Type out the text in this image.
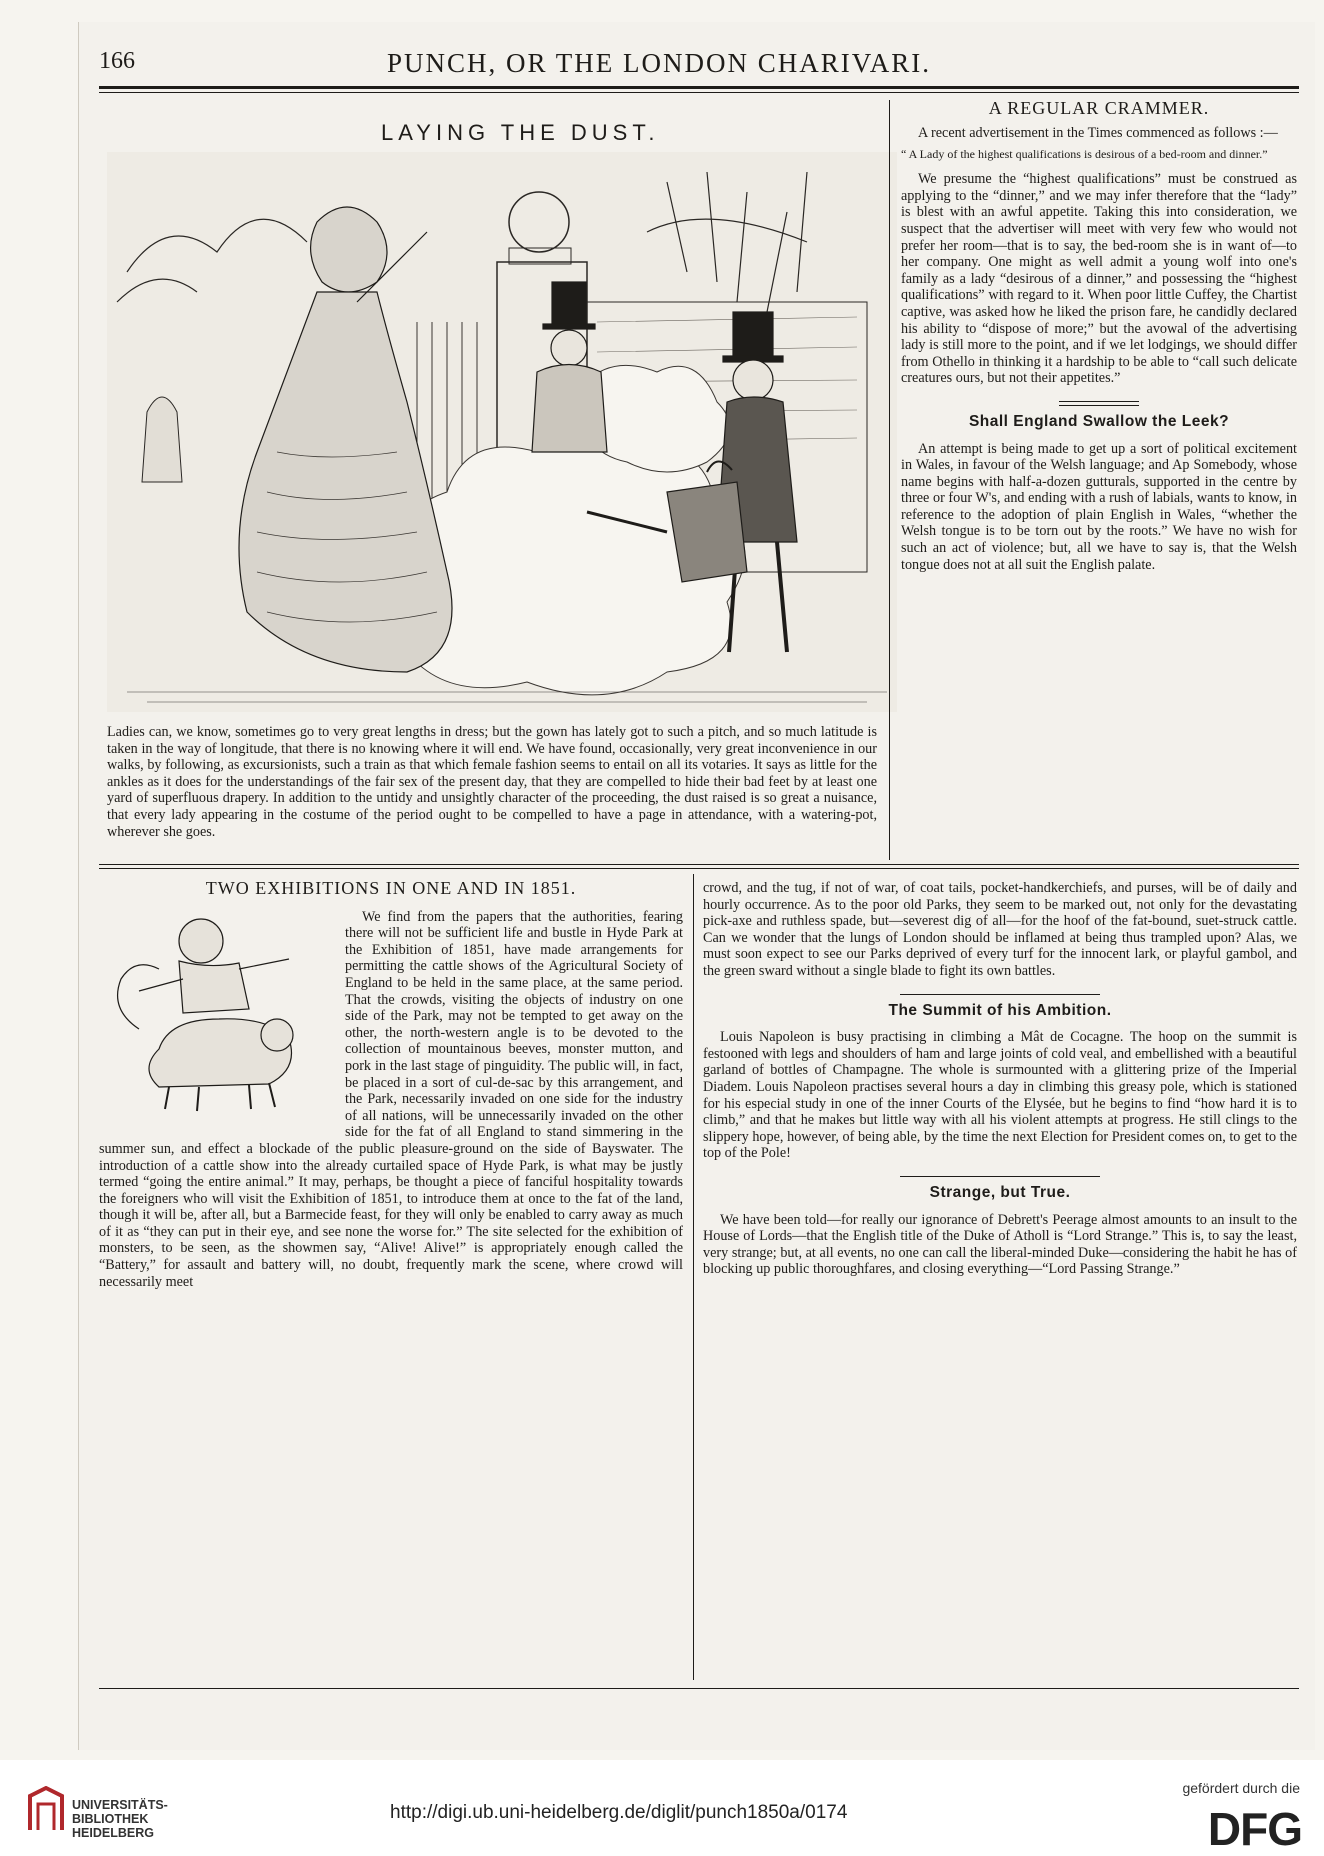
166	PUNCH, OR THE LONDON CHARIVARI.
LAYING THE DUST.

Ladies can, we know, sometimes go to very great lengths in dress; but the gown has lately got to such a pitch, and so much latitude is taken in the way of longitude, that there is no knowing where it will end. We have found, occasionally, very great inconvenience in our walks, by following, as excursionists, such a train as that which female fashion seems to entail on all its votaries. It says as little for the ankles as it does for the understandings of the fair sex of the present day, that they are compelled to hide their bad feet by at least one yard of superfluous drapery. In addition to the untidy and unsightly character of the proceeding, the dust raised is so great a nuisance, that every lady appearing in the costume of the period ought to be compelled to have a page in attendance, with a watering-pot, wherever she goes.

A REGULAR CRAMMER.

A recent advertisement in the Times commenced as follows :—

“ A Lady of the highest qualifications is desirous of a bed-room and dinner.”

We presume the “highest qualifications” must be construed as applying to the “dinner,” and we may infer therefore that the “lady” is blest with an awful appetite. Taking this into consideration, we suspect that the advertiser will meet with very few who would not prefer her room—that is to say, the bed-room she is in want of—to her company. One might as well admit a young wolf into one's family as a lady “desirous of a dinner,” and possessing the “highest qualifications” with regard to it. When poor little Cuffey, the Chartist captive, was asked how he liked the prison fare, he candidly declared his ability to “dispose of more;” but the avowal of the advertising lady is still more to the point, and if we let lodgings, we should differ from Othello in thinking it a hardship to be able to “call such delicate creatures ours, but not their appetites.”

Shall England Swallow the Leek?

An attempt is being made to get up a sort of political excitement in Wales, in favour of the Welsh language; and Ap Somebody, whose name begins with half-a-dozen gutturals, supported in the centre by three or four W's, and ending with a rush of labials, wants to know, in reference to the adoption of plain English in Wales, “whether the Welsh tongue is to be torn out by the roots.” We have no wish for such an act of violence; but, all we have to say is, that the Welsh tongue does not at all suit the English palate.

TWO EXHIBITIONS IN ONE AND IN 1851.

We find from the papers that the authorities, fearing there will not be sufficient life and bustle in Hyde Park at the Exhibition of 1851, have made arrangements for permitting the cattle shows of the Agricultural Society of England to be held in the same place, at the same period. That the crowds, visiting the objects of industry on one side of the Park, may not be tempted to get away on the other, the north-western angle is to be devoted to the collection of mountainous beeves, monster mutton, and pork in the last stage of pinguidity. The public will, in fact, be placed in a sort of cul-de-sac by this arrangement, and the Park, necessarily invaded on one side for the industry of all nations, will be unnecessarily invaded on the other side for the fat of all England to stand simmering in the summer sun, and effect a blockade of the public pleasure-ground on the side of Bayswater. The introduction of a cattle show into the already curtailed space of Hyde Park, is what may be justly termed “going the entire animal.” It may, perhaps, be thought a piece of fanciful hospitality towards the foreigners who will visit the Exhibition of 1851, to introduce them at once to the fat of the land, though it will be, after all, but a Barmecide feast, for they will only be enabled to carry away as much of it as “they can put in their eye, and see none the worse for.” The site selected for the exhibition of monsters, to be seen, as the showmen say, “Alive! Alive!” is appropriately enough called the “Battery,” for assault and battery will, no doubt, frequently mark the scene, where crowd will necessarily meet

crowd, and the tug, if not of war, of coat tails, pocket-handkerchiefs, and purses, will be of daily and hourly occurrence. As to the poor old Parks, they seem to be marked out, not only for the devastating pick-axe and ruthless spade, but—severest dig of all—for the hoof of the fat-bound, suet-struck cattle. Can we wonder that the lungs of London should be inflamed at being thus trampled upon? Alas, we must soon expect to see our Parks deprived of every turf for the innocent lark, or playful gambol, and the green sward without a single blade to fight its own battles.

The Summit of his Ambition.

Louis Napoleon is busy practising in climbing a Mât de Cocagne. The hoop on the summit is festooned with legs and shoulders of ham and large joints of cold veal, and embellished with a beautiful garland of bottles of Champagne. The whole is surmounted with a glittering prize of the Imperial Diadem. Louis Napoleon practises several hours a day in climbing this greasy pole, which is stationed for his especial study in one of the inner Courts of the Elysée, but he begins to find “how hard it is to climb,” and that he makes but little way with all his violent attempts at progress. He still clings to the slippery hope, however, of being able, by the time the next Election for President comes on, to get to the top of the Pole!

Strange, but True.

We have been told—for really our ignorance of Debrett's Peerage almost amounts to an insult to the House of Lords—that the English title of the Duke of Atholl is “Lord Strange.” This is, to say the least, very strange; but, at all events, no one can call the liberal-minded Duke—considering the habit he has of blocking up public thoroughfares, and closing everything—“Lord Passing Strange.”

UNIVERSITÄTS-
BIBLIOTHEK
HEIDELBERG
http://digi.ub.uni-heidelberg.de/diglit/punch1850a/0174
gefördert durch die
DFG
